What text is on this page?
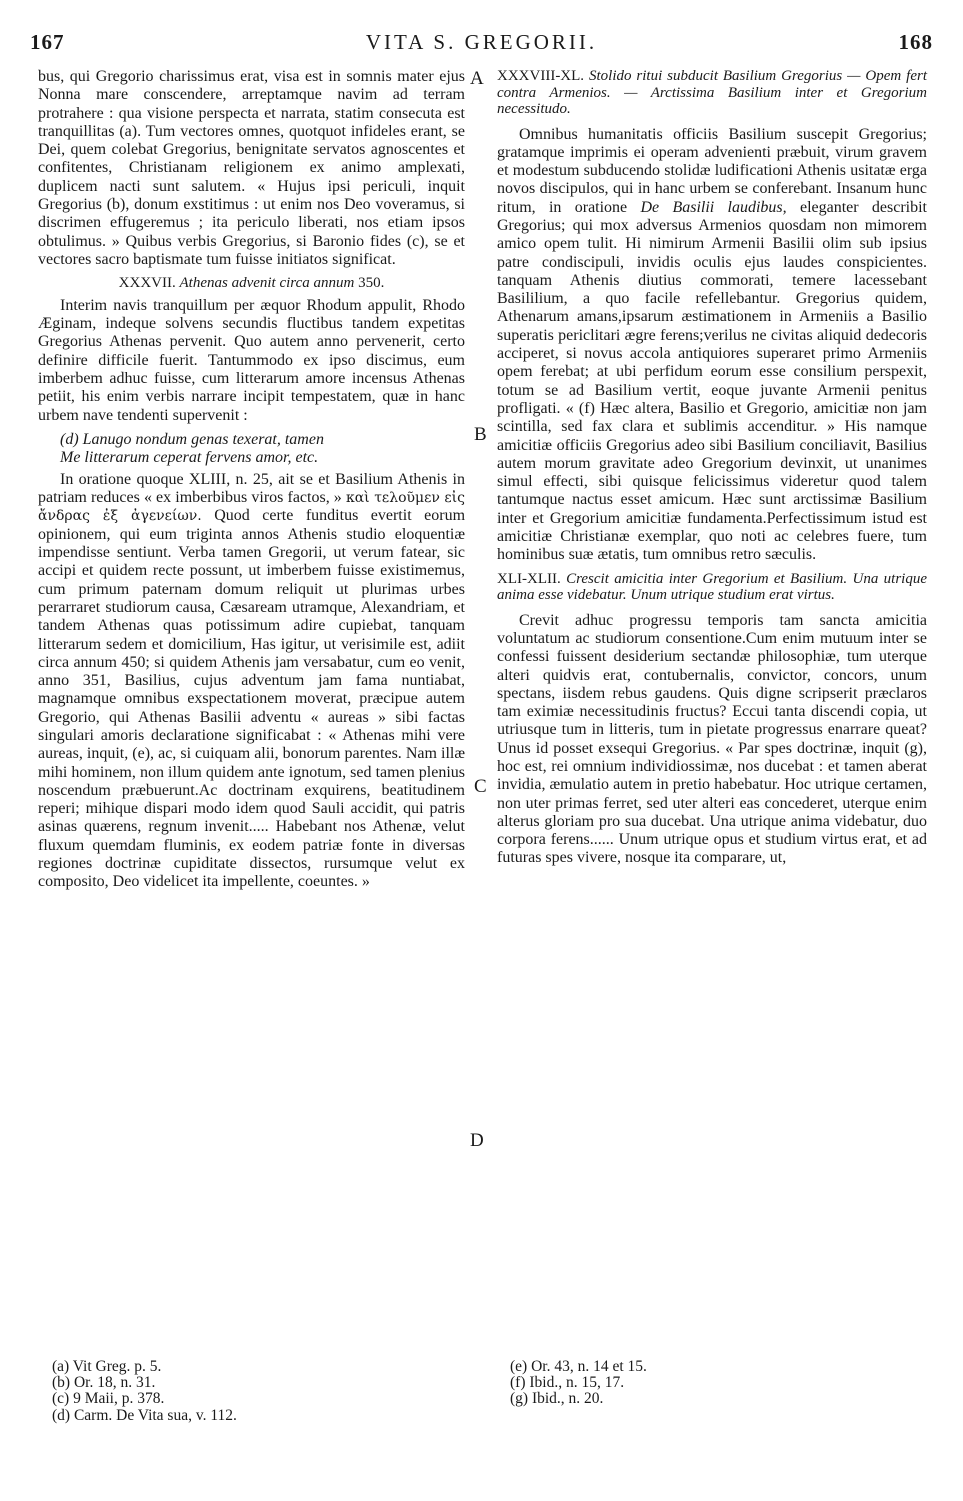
167	VITA S. GREGORII.	168
A
B
C
D

bus, qui Gregorio charissimus erat, visa est in somnis mater ejus Nonna mare conscendere, arreptamque navim ad terram protrahere : qua visione perspecta et narrata, statim consecuta est tranquillitas (a). Tum vectores omnes, quotquot infideles erant, se Dei, quem colebat Gregorius, benignitate servatos agnoscentes et confitentes, Christianam religionem ex animo amplexati, duplicem nacti sunt salutem. « Hujus ipsi periculi, inquit Gregorius (b), donum exstitimus : ut enim nos Deo voveramus, si discrimen effugeremus ; ita periculo liberati, nos etiam ipsos obtulimus. » Quibus verbis Gregorius, si Baronio fides (c), se et vectores sacro baptismate tum fuisse initiatos significat.

XXXVII. Athenas advenit circa annum 350.

Interim navis tranquillum per æquor Rhodum appulit, Rhodo Æginam, indeque solvens secundis fluctibus tandem expetitas Gregorius Athenas pervenit. Quo autem anno pervenerit, certo definire difficile fuerit. Tantummodo ex ipso discimus, eum imberbem adhuc fuisse, cum litterarum amore incensus Athenas petiit, his enim verbis narrare incipit tempestatem, quæ in hanc urbem nave tendenti supervenit :

(d) Lanugo nondum genas texerat, tamen
Me litterarum ceperat fervens amor, etc.

In oratione quoque XLIII, n. 25, ait se et Basilium Athenis in patriam reduces « ex imberbibus viros factos, » καὶ τελοῦμεν εἰς ἄνδρας ἐξ ἀγενείων. Quod certe funditus evertit eorum opinionem, qui eum triginta annos Athenis studio eloquentiæ impendisse sentiunt. Verba tamen Gregorii, ut verum fatear, sic accipi et quidem recte possunt, ut imberbem fuisse existimemus, cum primum paternam domum reliquit ut plurimas urbes perarraret studiorum causa, Cæsaream utramque, Alexandriam, et tandem Athenas quas potissimum adire cupiebat, tanquam litterarum sedem et domicilium, Has igitur, ut verisimile est, adiit circa annum 450; si quidem Athenis jam versabatur, cum eo venit, anno 351, Basilius, cujus adventum jam fama nuntiabat, magnamque omnibus exspectationem moverat, præcipue autem Gregorio, qui Athenas Basilii adventu « aureas » sibi factas singulari amoris declaratione significabat : « Athenas mihi vere aureas, inquit, (e), ac, si cuiquam alii, bonorum parentes. Nam illæ mihi hominem, non illum quidem ante ignotum, sed tamen plenius noscendum præbuerunt.Ac doctrinam exquirens, beatitudinem reperi; mihique dispari modo idem quod Sauli accidit, qui patris asinas quærens, regnum invenit..... Habebant nos Athenæ, velut fluxum quemdam fluminis, ex eodem patriæ fonte in diversas regiones doctrinæ cupiditate dissectos, rursumque velut ex composito, Deo videlicet ita impellente, coeuntes. »

XXXVIII-XL. Stolido ritui subducit Basilium Gregorius — Opem fert contra Armenios. — Arctissima Basilium inter et Gregorium necessitudo.

Omnibus humanitatis officiis Basilium suscepit Gregorius; gratamque imprimis ei operam advenienti præbuit, virum gravem et modestum subducendo stolidæ ludificationi Athenis usitatæ erga novos discipulos, qui in hanc urbem se conferebant. Insanum hunc ritum, in oratione De Basilii laudibus, eleganter describit Gregorius; qui mox adversus Armenios quosdam non mimorem amico opem tulit. Hi nimirum Armenii Basilii olim sub ipsius patre condiscipuli, invidis oculis ejus laudes conspicientes. tanquam Athenis diutius commorati, temere lacessebant Basililium, a quo facile refellebantur. Gregorius quidem, Athenarum amans,ipsarum æstimationem in Armeniis a Basilio superatis periclitari ægre ferens;verilus ne civitas aliquid dedecoris acciperet, si novus accola antiquiores superaret primo Armeniis opem ferebat; at ubi perfidum eorum esse consilium perspexit, totum se ad Basilium vertit, eoque juvante Armenii penitus profligati. « (f) Hæc altera, Basilio et Gregorio, amicitiæ non jam scintilla, sed fax clara et sublimis accenditur. » His namque amicitiæ officiis Gregorius adeo sibi Basilium conciliavit, Basilius autem morum gravitate adeo Gregorium devinxit, ut unanimes simul effecti, sibi quisque felicissimus videretur quod talem tantumque nactus esset amicum. Hæc sunt arctissimæ Basilium inter et Gregorium amicitiæ fundamenta.Perfectissimum istud est amicitiæ Christianæ exemplar, quo noti ac celebres fuere, tum hominibus suæ ætatis, tum omnibus retro sæculis.

XLI-XLII. Crescit amicitia inter Gregorium et Basilium. Una utrique anima esse videbatur. Unum utrique studium erat virtus.

Crevit adhuc progressu temporis tam sancta amicitia voluntatum ac studiorum consentione.Cum enim mutuum inter se confessi fuissent desiderium sectandæ philosophiæ, tum uterque alteri quidvis erat, contubernalis, convictor, concors, unum spectans, iisdem rebus gaudens. Quis digne scripserit præclaros tam eximiæ necessitudinis fructus? Eccui tanta discendi copia, ut utriusque tum in litteris, tum in pietate progressus enarrare queat? Unus id posset exsequi Gregorius. « Par spes doctrinæ, inquit (g), hoc est, rei omnium individiossimæ, nos ducebat : et tamen aberat invidia, æmulatio autem in pretio habebatur. Hoc utrique certamen, non uter primas ferret, sed uter alteri eas concederet, uterque enim alterus gloriam pro sua ducebat. Una utrique anima videbatur, duo corpora ferens...... Unum utrique opus et studium virtus erat, et ad futuras spes vivere, nosque ita comparare, ut,

(a) Vit Greg. p. 5.
(b) Or. 18, n. 31.
(c) 9 Maii, p. 378.
(d) Carm. De Vita sua, v. 112.
(e) Or. 43, n. 14 et 15.
(f) Ibid., n. 15, 17.
(g) Ibid., n. 20.
